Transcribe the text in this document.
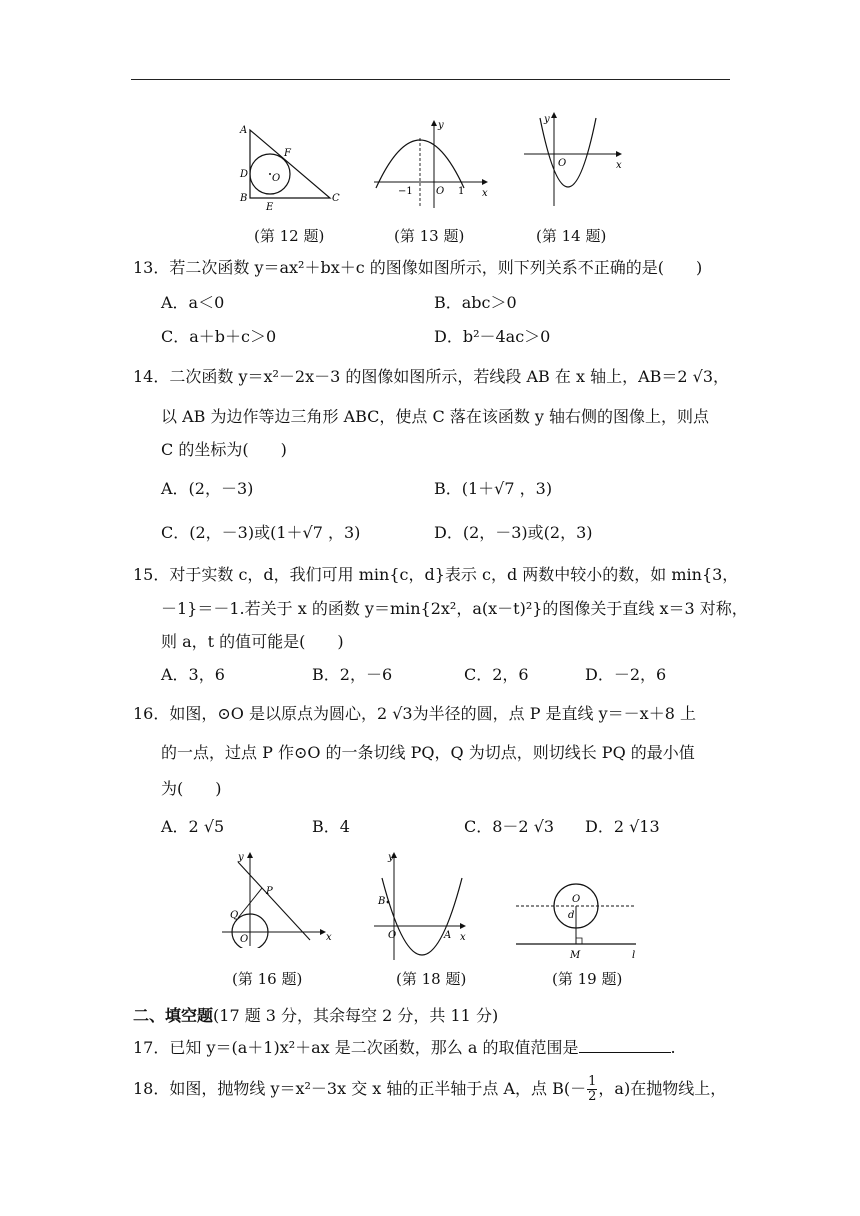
A
B	C
D
E
F
O
y
x
O
−1	1
y
x
O
(第 12 题)	(第 13 题)	(第 14 题)
13．若二次函数 y＝ax²＋bx＋c 的图像如图所示，则下列关系不正确的是(　　)
A．a＜0	B．abc＞0
C．a＋b＋c＞0	D．b²－4ac＞0
14．二次函数 y＝x²－2x－3 的图像如图所示，若线段 AB 在 x 轴上，AB＝2 √3，
以 AB 为边作等边三角形 ABC，使点 C 落在该函数 y 轴右侧的图像上，则点
C 的坐标为(　　)
A．(2，－3)	B．(1＋√7 ，3)
C．(2，－3)或(1＋√7 ，3)	D．(2，－3)或(2，3)
15．对于实数 c，d，我们可用 min{c，d}表示 c，d 两数中较小的数，如 min{3，
－1}＝－1.若关于 x 的函数 y＝min{2x²，a(x－t)²}的图像关于直线 x＝3 对称，
则 a，t 的值可能是(　　)
A．3，6	B．2，－6	C．2，6	D．－2，6
16．如图，⊙O 是以原点为圆心，2 √3为半径的圆，点 P 是直线 y＝－x＋8 上
的一点，过点 P 作⊙O 的一条切线 PQ，Q 为切点，则切线长 PQ 的最小值
为(　　)
A．2 √5	B．4	C．8－2 √3 D．2 √13
y
x
O
P
Q
y
x
O	A
B	O
d
M	l
(第 16 题)	(第 18 题)	(第 19 题)
二、填空题(17 题 3 分，其余每空 2 分，共 11 分)
17．已知 y＝(a＋1)x²＋ax 是二次函数，那么 a 的取值范围是	.
18．如图，抛物线 y＝x²－3x 交 x 轴的正半轴于点 A，点 $B(- \frac{1}{2}$ ，a)在抛物线上，
